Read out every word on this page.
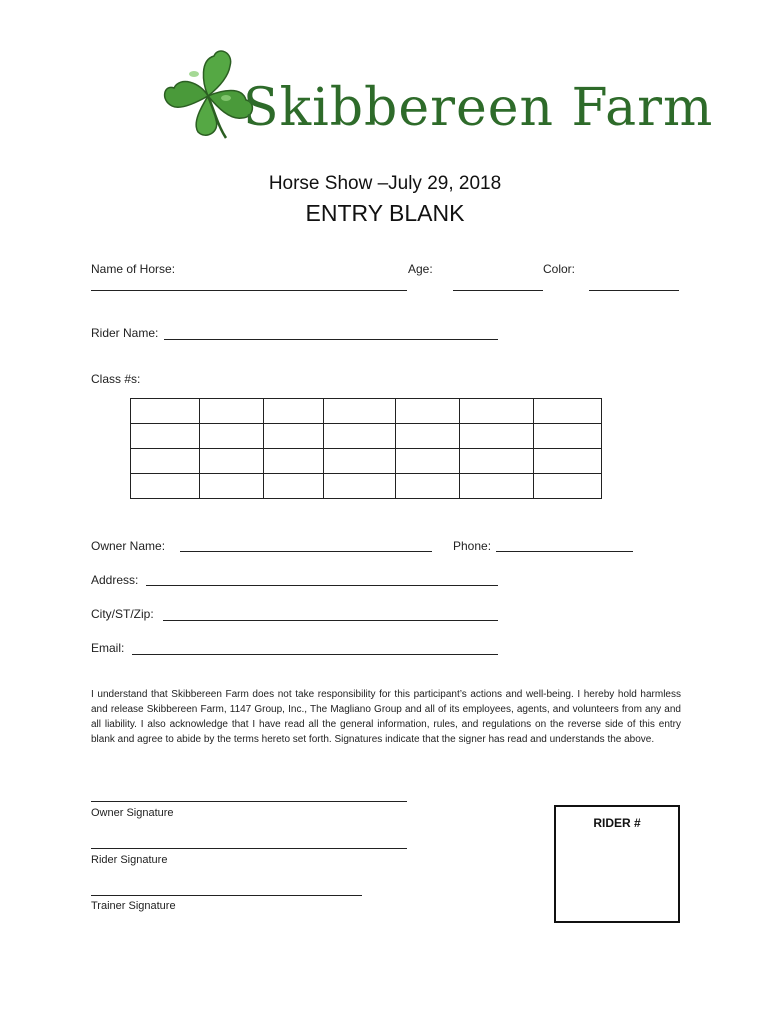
Skibbereen Farm
Horse Show –July 29, 2018
ENTRY BLANK
Name of Horse:	Age:	Color:
Rider Name:
Class #s:

Owner Name:	Phone:
Address:
City/ST/Zip:
Email:
I understand that Skibbereen Farm does not take responsibility for this participant’s actions and well-being. I hereby hold harmless and release Skibbereen Farm, 1147 Group, Inc., The Magliano Group and all of its employees, agents, and volunteers from any and all liability. I also acknowledge that I have read all the general information, rules, and regulations on the reverse side of this entry blank and agree to abide by the terms hereto set forth. Signatures indicate that the signer has read and understands the above.
Owner Signature
Rider Signature
Trainer Signature
RIDER #
